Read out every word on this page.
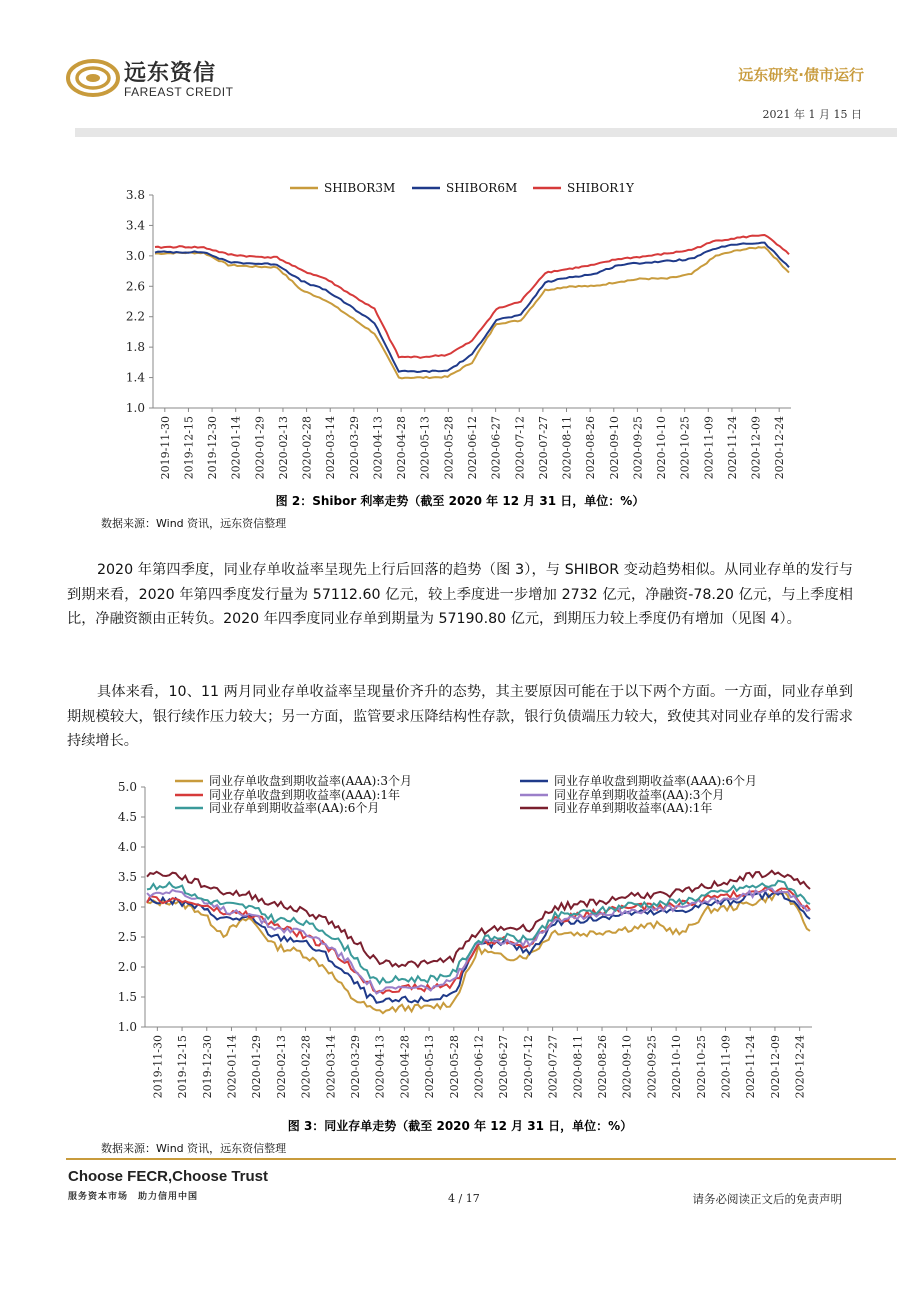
远东资信
FAREAST CREDIT
远东研究·债市运行
2021 年 1 月 15 日
3.8
3.4
3.0
2.6
2.2
1.8
1.4
1.0
2019-11-30 2019-12-15 2019-12-30 2020-01-14 2020-01-29 2020-02-13 2020-02-28 2020-03-14 2020-03-29 2020-04-13 2020-04-28 2020-05-13 2020-05-28 2020-06-12 2020-06-27 2020-07-12 2020-07-27 2020-08-11 2020-08-26 2020-09-10 2020-09-25 2020-10-10 2020-10-25 2020-11-09 2020-11-24 2020-12-09 2020-12-24
SHIBOR3M	SHIBOR6M	SHIBOR1Y
图 2：Shibor 利率走势（截至 2020 年 12 月 31 日，单位：%）
数据来源：Wind 资讯，远东资信整理
2020 年第四季度，同业存单收益率呈现先上行后回落的趋势（图 3），与 SHIBOR 变动趋势相似。从同业存单的发行与到期来看，2020 年第四季度发行量为 57112.60 亿元，较上季度进一步增加 2732 亿元，净融资-78.20 亿元，与上季度相比，净融资额由正转负。2020 年四季度同业存单到期量为 57190.80 亿元，到期压力较上季度仍有增加（见图 4）。
具体来看，10、11 两月同业存单收益率呈现量价齐升的态势，其主要原因可能在于以下两个方面。一方面，同业存单到期规模较大，银行续作压力较大；另一方面，监管要求压降结构性存款，银行负债端压力较大，致使其对同业存单的发行需求持续增长。
5.0
4.5
4.0
3.5
3.0
2.5
2.0
1.5
1.0
2019-11-30 2019-12-15 2019-12-30 2020-01-14 2020-01-29 2020-02-13 2020-02-28 2020-03-14 2020-03-29 2020-04-13 2020-04-28 2020-05-13 2020-05-28 2020-06-12 2020-06-27 2020-07-12 2020-07-27 2020-08-11 2020-08-26 2020-09-10 2020-09-25 2020-10-10 2020-10-25 2020-11-09 2020-11-24 2020-12-09 2020-12-24
同业存单收盘到期收益率(AAA):3个月	同业存单收盘到期收益率(AAA):6个月
同业存单收盘到期收益率(AAA):1年	同业存单到期收益率(AA):3个月
同业存单到期收益率(AA):6个月	同业存单到期收益率(AA):1年
图 3：同业存单走势（截至 2020 年 12 月 31 日，单位：%）
数据来源：Wind 资讯，远东资信整理
Choose FECR,Choose Trust
服务资本市场　助力信用中国	4 / 17	请务必阅读正文后的免责声明
